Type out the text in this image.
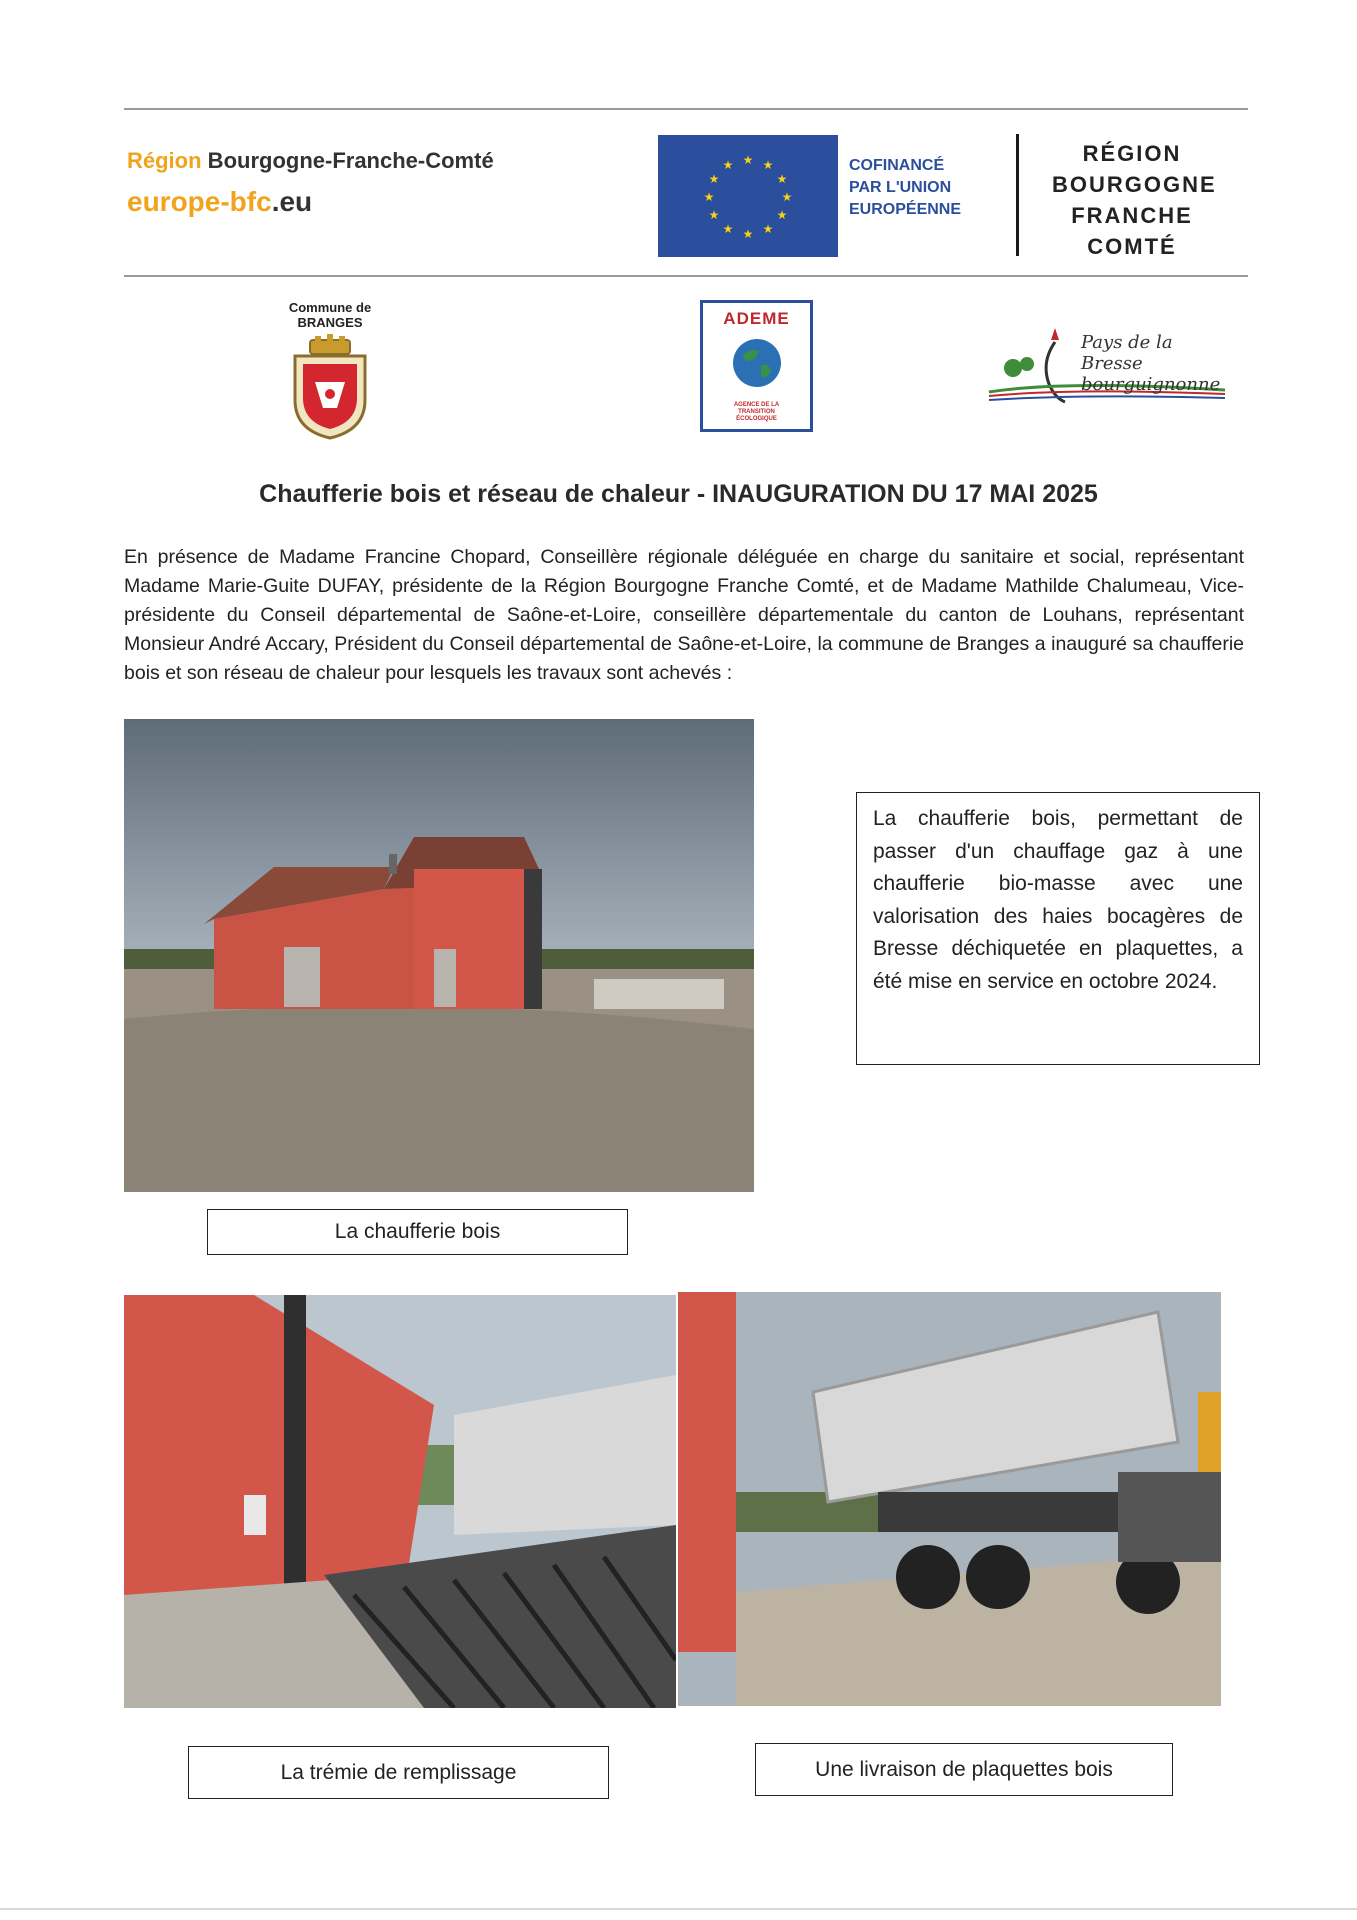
Région Bourgogne-Franche-Comté
europe-bfc.eu
★ ★
★
★
★
★
★
★
★
★
★
★	COFINANCÉ
PAR L'UNION
EUROPÉENNE
RÉGION
BOURGOGNE
FRANCHE
COMTÉ
Commune de
BRANGES	ADEME
AGENCE DE LA
TRANSITION
ÉCOLOGIQUE
Pays de la Bresse
bourguignonne
Chaufferie bois et réseau de chaleur - INAUGURATION DU 17 MAI 2025
En présence de Madame Francine Chopard, Conseillère régionale déléguée en charge du sanitaire et social, représentant Madame Marie-Guite DUFAY, présidente de la Région Bourgogne Franche Comté, et de Madame Mathilde Chalumeau, Vice-présidente du Conseil départemental de Saône-et-Loire, conseillère départementale du canton de Louhans, représentant Monsieur André Accary, Président du Conseil départemental de Saône-et-Loire, la commune de Branges a inauguré sa chaufferie bois et son réseau de chaleur pour lesquels les travaux sont achevés :
La chaufferie bois, permettant de passer d'un chauffage gaz à une chaufferie bio-masse avec une valorisation des haies bocagères de Bresse déchiquetée en plaquettes, a été mise en service en octobre 2024.
La chaufferie bois
La trémie de remplissage	Une livraison de plaquettes bois
